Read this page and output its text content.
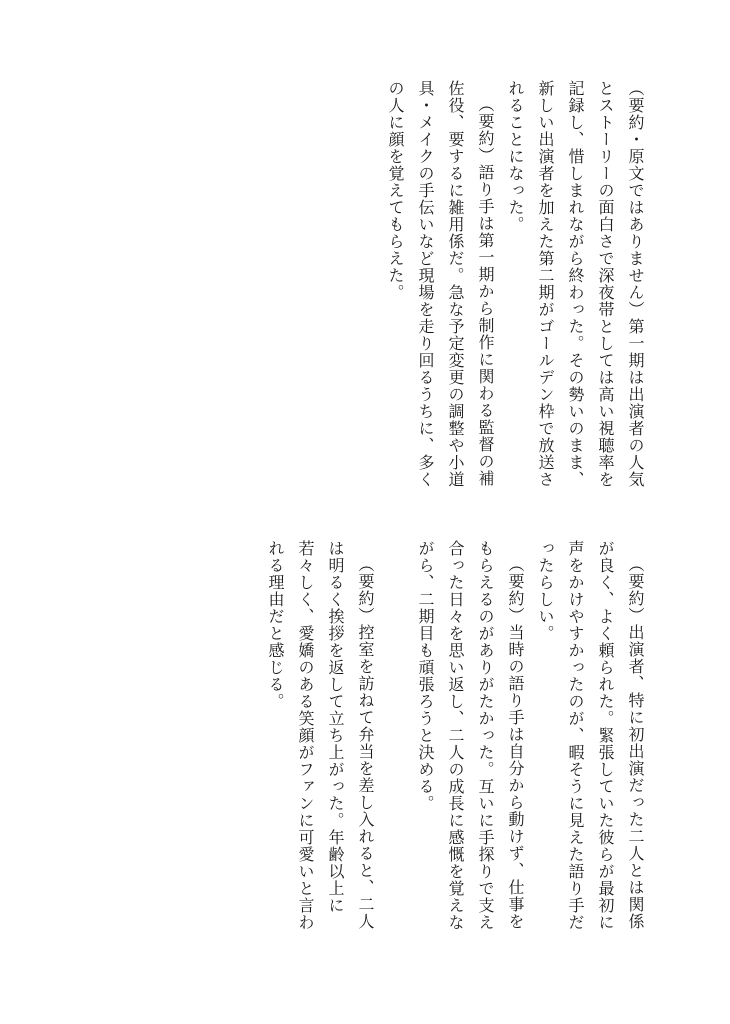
（要約・原文ではありません）第一期は出演者の人気とストーリーの面白さで深夜帯としては高い視聴率を記録し、惜しまれながら終わった。その勢いのまま、新しい出演者を加えた第二期がゴールデン枠で放送されることになった。

（要約）語り手は第一期から制作に関わる監督の補佐役、要するに雑用係だ。急な予定変更の調整や小道具・メイクの手伝いなど現場を走り回るうちに、多くの人に顔を覚えてもらえた。

（要約）出演者、特に初出演だった二人とは関係が良く、よく頼られた。緊張していた彼らが最初に声をかけやすかったのが、暇そうに見えた語り手だったらしい。

（要約）当時の語り手は自分から動けず、仕事をもらえるのがありがたかった。互いに手探りで支え合った日々を思い返し、二人の成長に感慨を覚えながら、二期目も頑張ろうと決める。

（要約）控室を訪ねて弁当を差し入れると、二人は明るく挨拶を返して立ち上がった。年齢以上に若々しく、愛嬌のある笑顔がファンに可愛いと言われる理由だと感じる。
